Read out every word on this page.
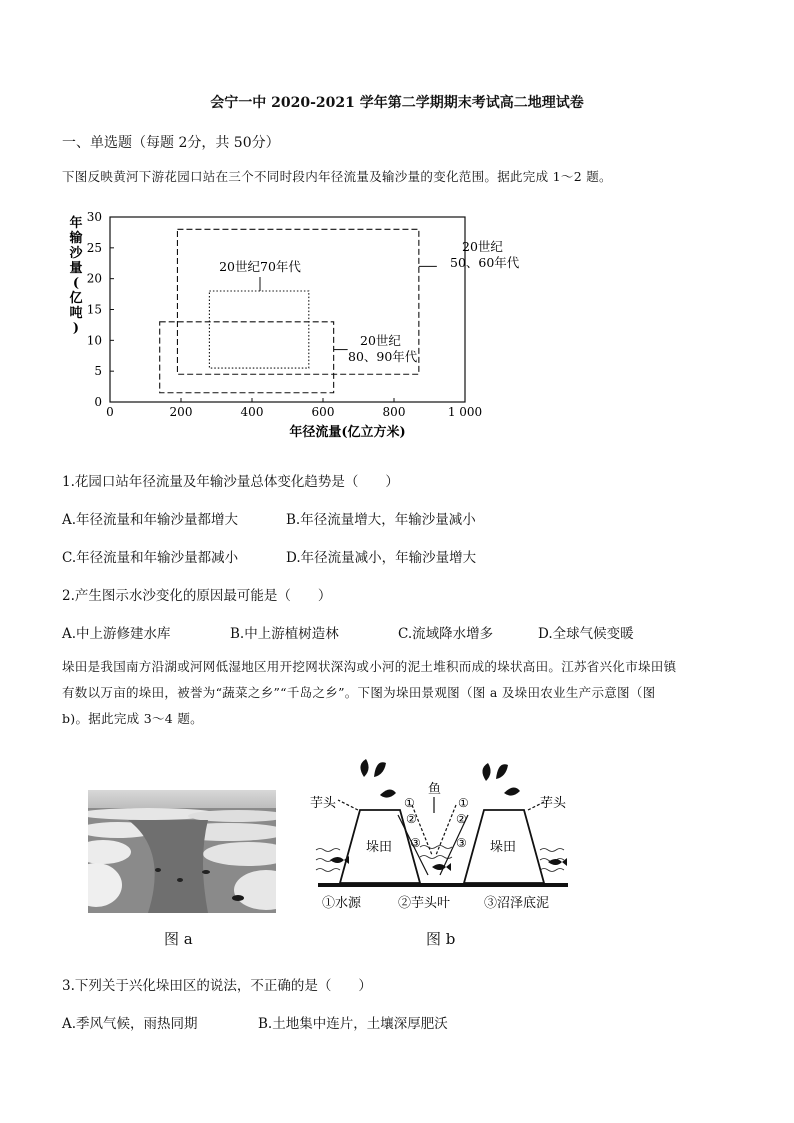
会宁一中 2020-2021 学年第二学期期末考试高二地理试卷
一、单选题（每题 2分，共 50分）
下图反映黄河下游花园口站在三个不同时段内年径流量及输沙量的变化范围。据此完成 1～2 题。
0	200	400	600	800	1 000
0
5
10
15
20
25
30
年
输
沙
量
(
亿
吨
)
年径流量(亿立方米)
20世纪
50、60年代
20世纪70年代
20世纪
80、90年代
1.花园口站年径流量及年输沙量总体变化趋势是（　　）
A.年径流量和年输沙量都增大	B.年径流量增大，年输沙量减小
C.年径流量和年输沙量都减小	D.年径流量减小，年输沙量增大
2.产生图示水沙变化的原因最可能是（　　）
A.中上游修建水库	B.中上游植树造林	C.流域降水增多	D.全球气候变暖
垛田是我国南方沿湖或河网低湿地区用开挖网状深沟或小河的泥土堆积而成的垛状高田。江苏省兴化市垛田镇
有数以万亩的垛田，被誉为“蔬菜之乡”“千岛之乡”。下图为垛田景观图（图 a 及垛田农业生产示意图（图
b)。据此完成 3～4 题。
芋头	芋头
鱼
垛田	垛田
①
②
③
①
②
③
①水源	②芋头叶	③沼泽底泥
图 a	图 b
3.下列关于兴化垛田区的说法，不正确的是（　　）
A.季风气候，雨热同期	B.土地集中连片，土壤深厚肥沃
